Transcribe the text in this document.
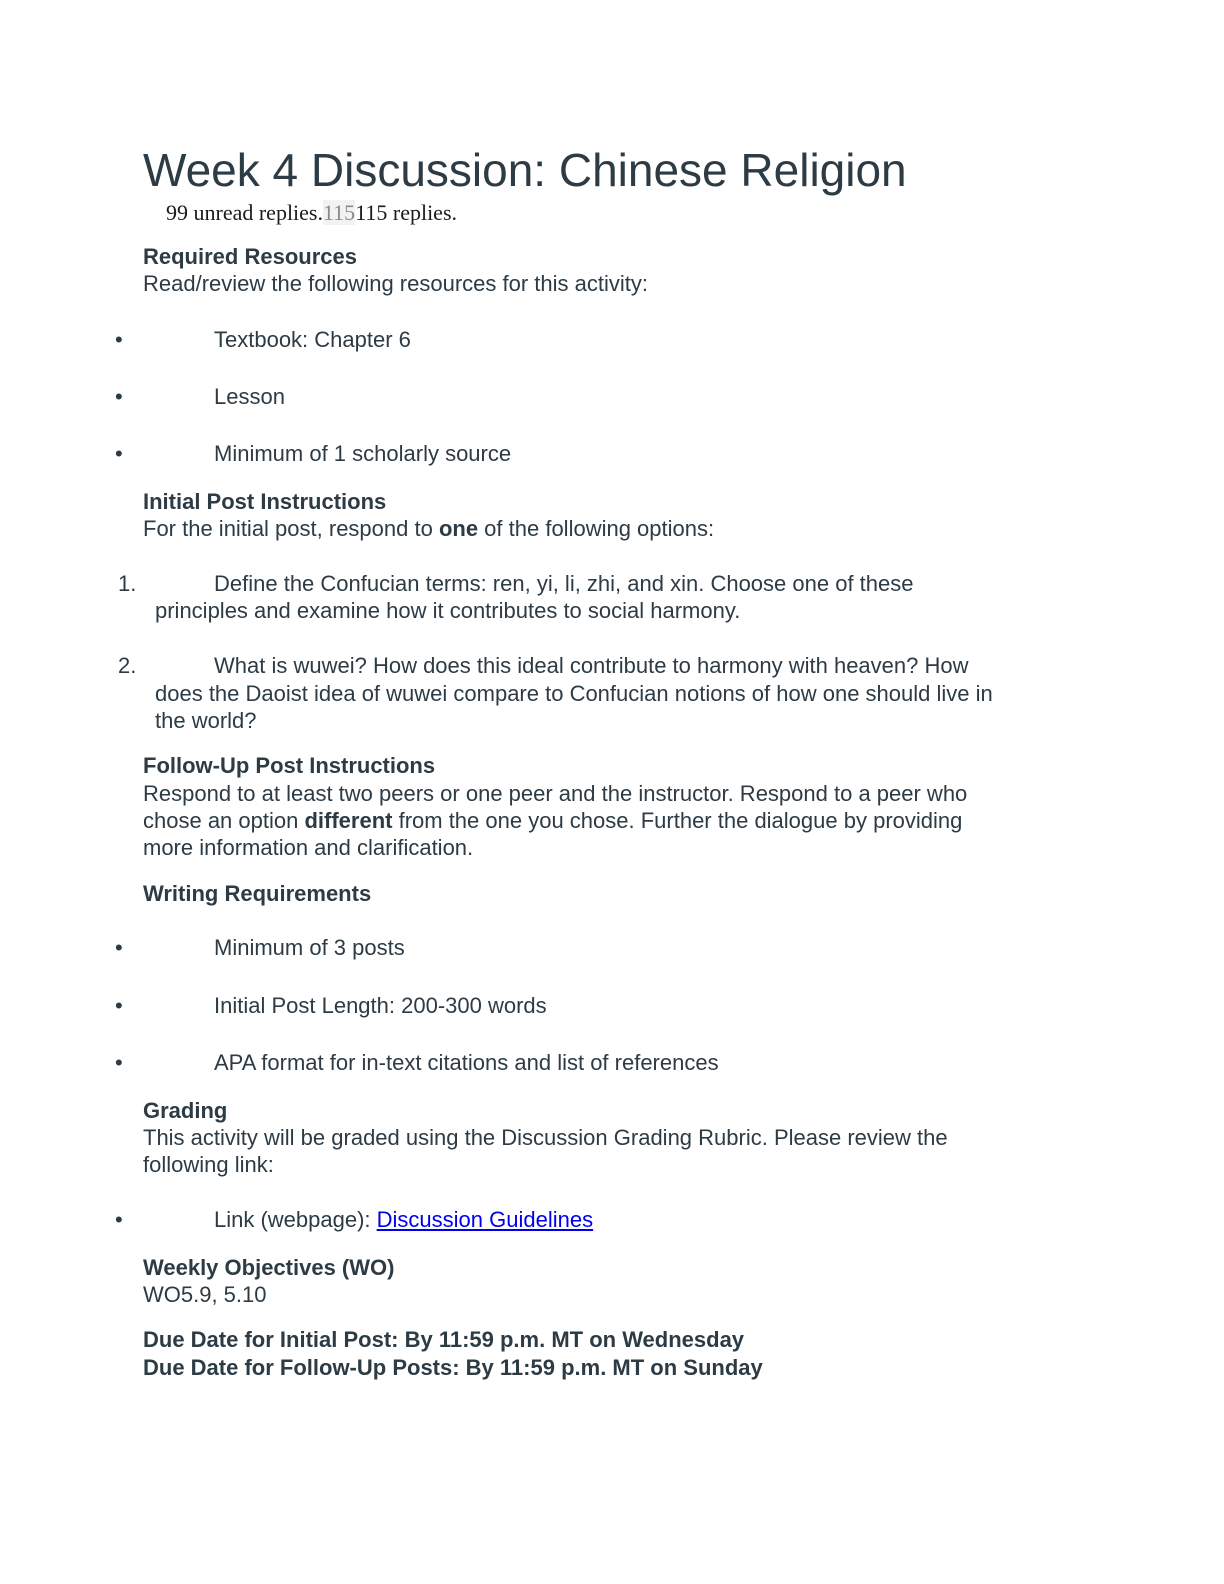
Week 4 Discussion: Chinese Religion
99 unread replies.115115 replies.
Required Resources
Read/review the following resources for this activity:
•	Textbook: Chapter 6
•	Lesson
•	Minimum of 1 scholarly source
Initial Post Instructions
For the initial post, respond to one of the following options:
1.	Define the Confucian terms: ren, yi, li, zhi, and xin. Choose one of these
principles and examine how it contributes to social harmony.
2.	What is wuwei? How does this ideal contribute to harmony with heaven? How
does the Daoist idea of wuwei compare to Confucian notions of how one should live in
the world?
Follow-Up Post Instructions
Respond to at least two peers or one peer and the instructor. Respond to a peer who
chose an option different from the one you chose. Further the dialogue by providing
more information and clarification.
Writing Requirements
•	Minimum of 3 posts
•	Initial Post Length: 200-300 words
•	APA format for in-text citations and list of references
Grading
This activity will be graded using the Discussion Grading Rubric. Please review the
following link:
•	Link (webpage): Discussion Guidelines
Weekly Objectives (WO)
WO5.9, 5.10
Due Date for Initial Post: By 11:59 p.m. MT on Wednesday
Due Date for Follow-Up Posts: By 11:59 p.m. MT on Sunday
